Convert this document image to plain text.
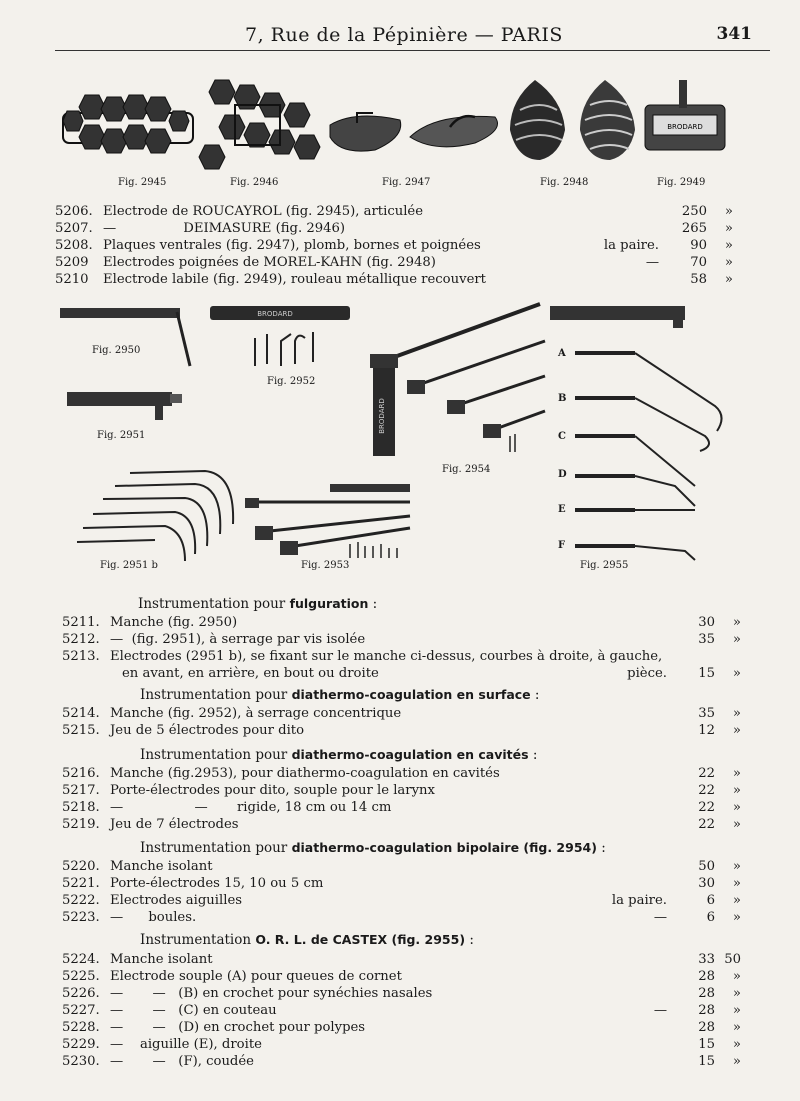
7, Rue de la Pépinière — PARIS	341
BRODARD
Fig. 2945	Fig. 2946	Fig. 2947	Fig. 2948	Fig. 2949
5206. Electrode de ROUCAYROL (fig. 2945), articulée	250 »
5207. —                DEIMASURE (fig. 2946)	265 »
5208. Plaques ventrales (fig. 2947), plomb, bornes et poignées	la paire.	90 »
5209 Electrodes poignées de MOREL-KAHN (fig. 2948)	—	70 »
5210 Electrode labile (fig. 2949), rouleau métallique recouvert	58 »
BRODARD
BRODARD
Fig. 2950
Fig. 2951
Fig. 2952
Fig. 2951 b	Fig. 2953
Fig. 2954
Fig. 2955
A
B
C
D
E
F
Instrumentation pour fulguration :
5211. Manche (fig. 2950)	30 »
5212. —  (fig. 2951), à serrage par vis isolée	35 »
5213. Electrodes (2951 b), se fixant sur le manche ci-dessus, courbes à droite, à gauche,
en avant, en arrière, en bout ou droite	pièce.	15 »
Instrumentation pour diathermo-coagulation en surface :
5214. Manche (fig. 2952), à serrage concentrique	35 »
5215. Jeu de 5 électrodes pour dito	12 »
Instrumentation pour diathermo-coagulation en cavités :
5216. Manche (fig.2953), pour diathermo-coagulation en cavités	22 »
5217. Porte-électrodes pour dito, souple pour le larynx	22 »
5218. —                 —       rigide, 18 cm ou 14 cm	22 »
5219. Jeu de 7 électrodes	22 »
Instrumentation pour diathermo-coagulation bipolaire (fig. 2954) :
5220. Manche isolant	50 »
5221. Porte-électrodes 15, 10 ou 5 cm	30 »
5222. Electrodes aiguilles	la paire.	6 »
5223. —      boules.	—	6 »
Instrumentation O. R. L. de CASTEX (fig. 2955) :
5224. Manche isolant	33 50
5225. Electrode souple (A) pour queues de cornet	28 »
5226. —       —   (B) en crochet pour synéchies nasales	28 »
5227. —       —   (C) en couteau	—	28 »
5228. —       —   (D) en crochet pour polypes	28 »
5229. —    aiguille (E), droite	15 »
5230. —       —   (F), coudée	15 »
